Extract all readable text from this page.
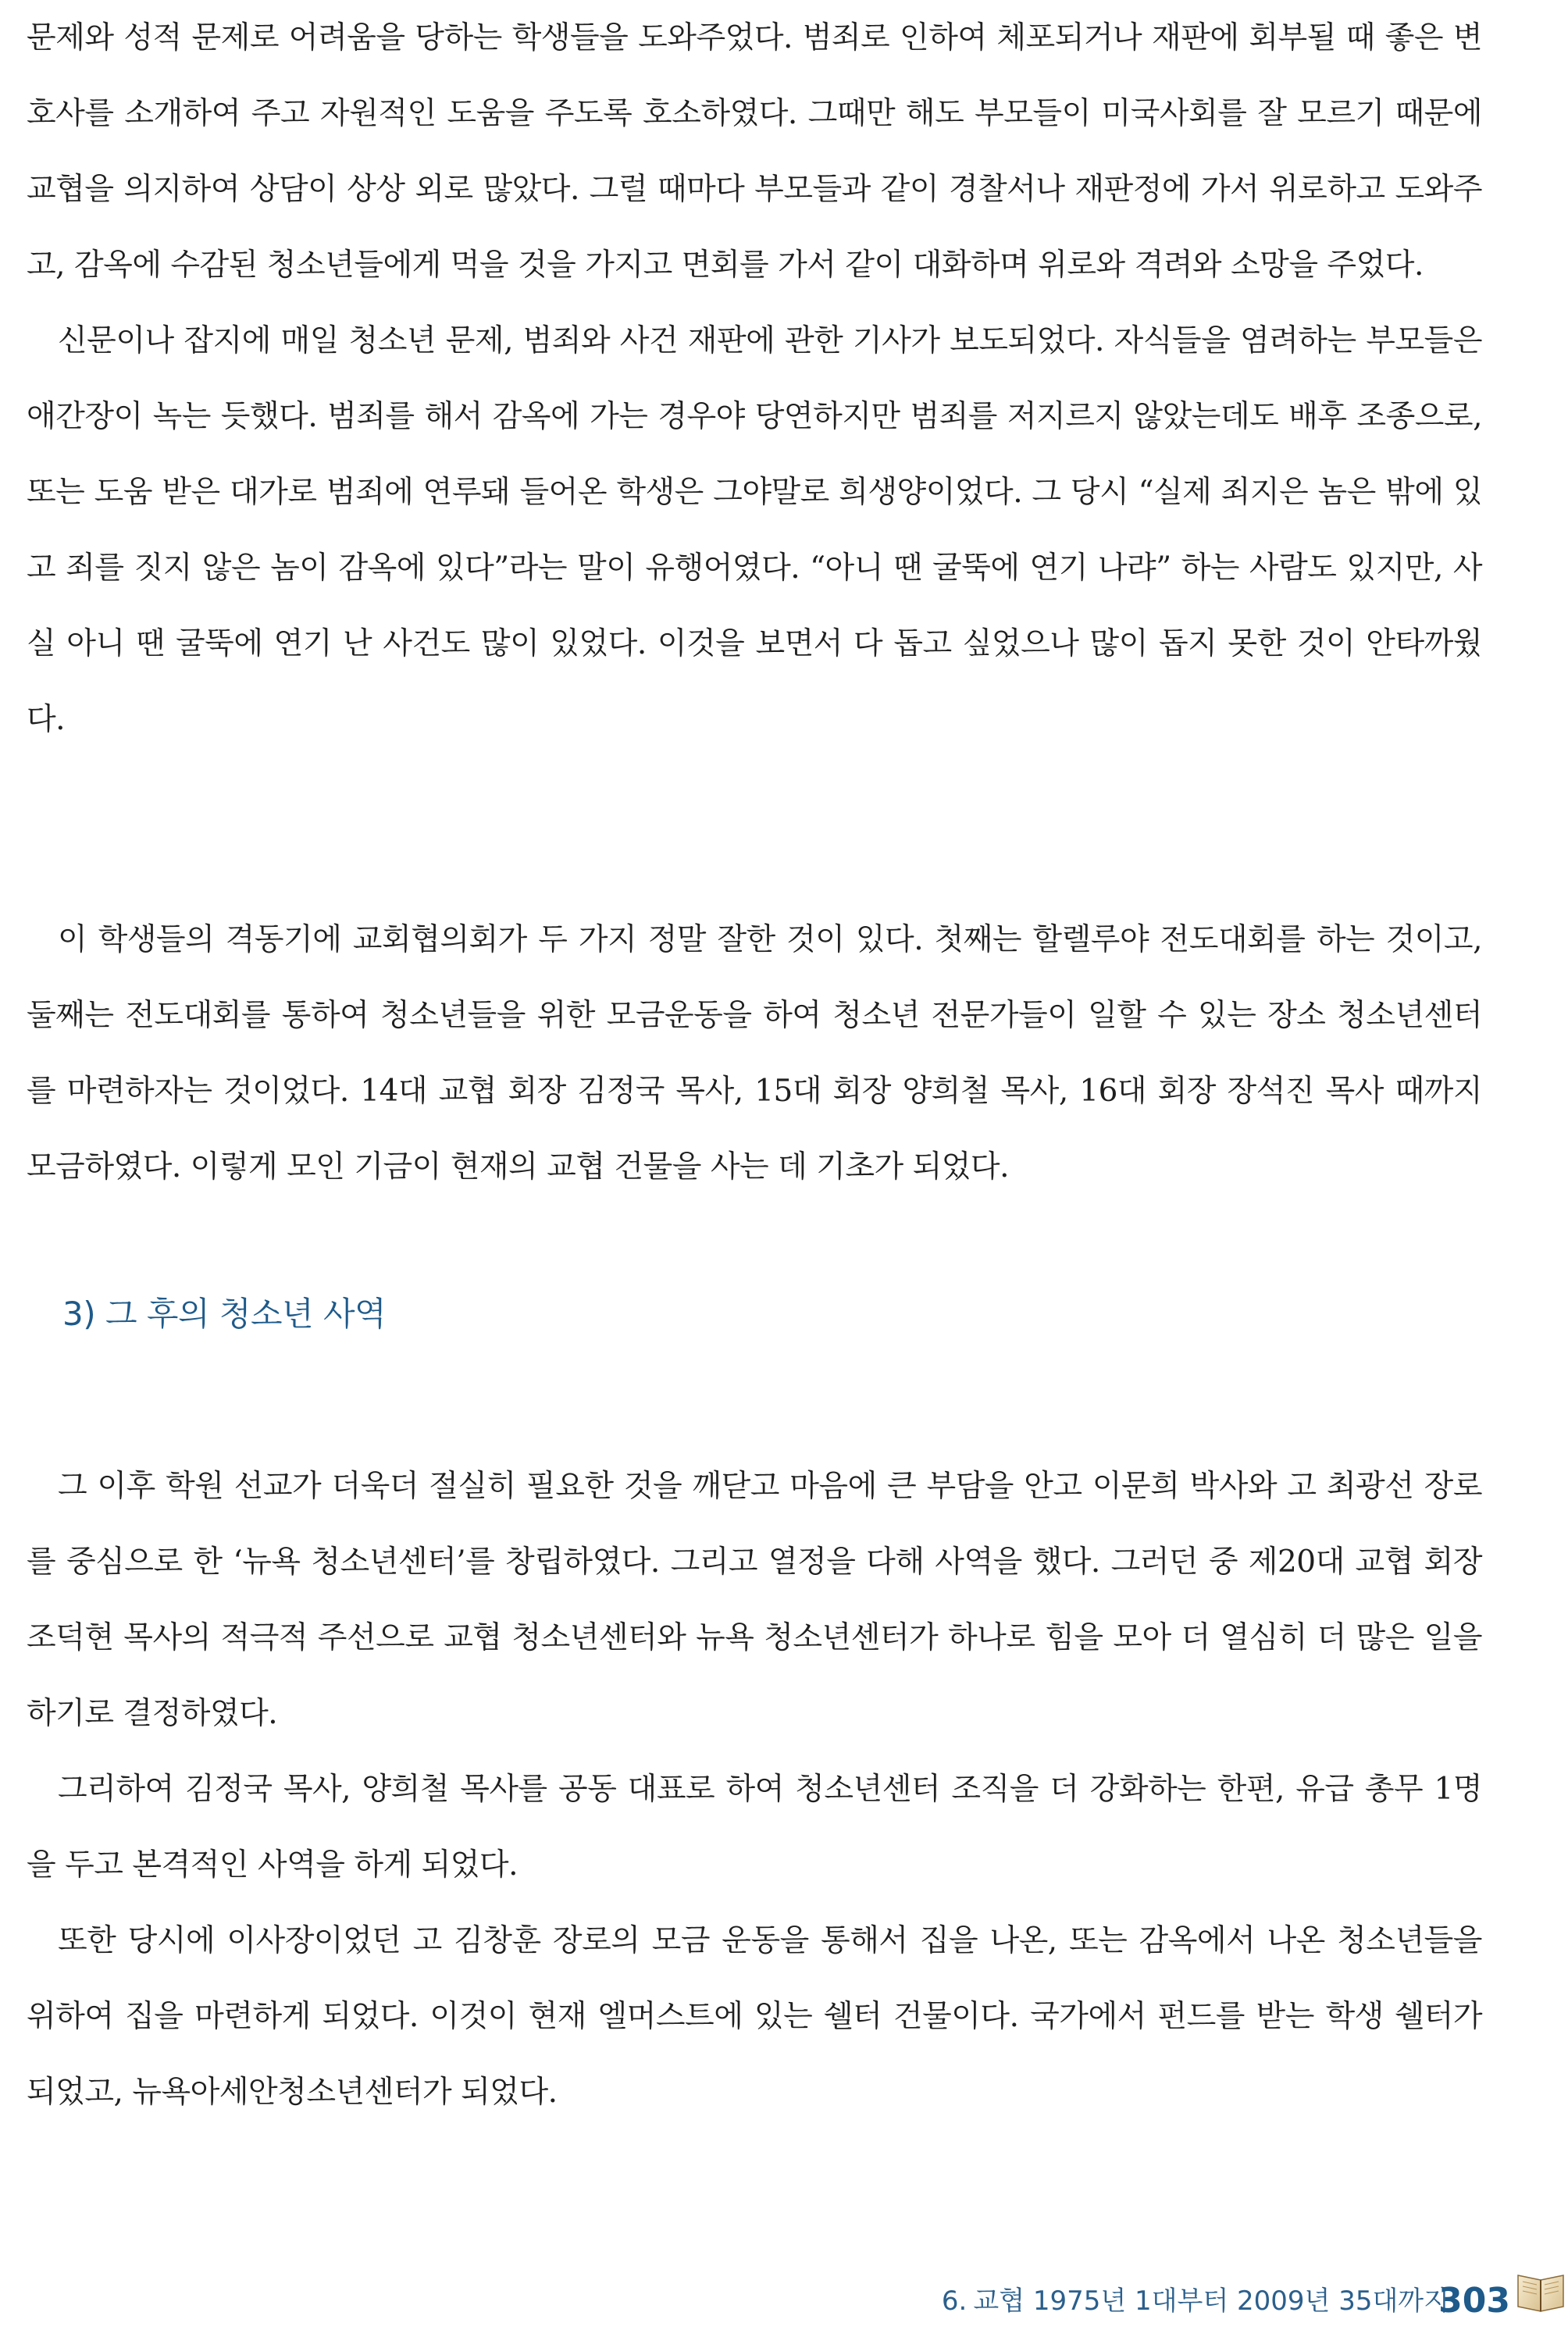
문제와 성적 문제로 어려움을 당하는 학생들을 도와주었다. 범죄로 인하여 체포되거나 재판에 회부될 때 좋은 변호사를 소개하여 주고 자원적인 도움을 주도록 호소하였다. 그때만 해도 부모들이 미국사회를 잘 모르기 때문에 교협을 의지하여 상담이 상상 외로 많았다. 그럴 때마다 부모들과 같이 경찰서나 재판정에 가서 위로하고 도와주고, 감옥에 수감된 청소년들에게 먹을 것을 가지고 면회를 가서 같이 대화하며 위로와 격려와 소망을 주었다.

신문이나 잡지에 매일 청소년 문제, 범죄와 사건 재판에 관한 기사가 보도되었다. 자식들을 염려하는 부모들은 애간장이 녹는 듯했다. 범죄를 해서 감옥에 가는 경우야 당연하지만 범죄를 저지르지 않았는데도 배후 조종으로, 또는 도움 받은 대가로 범죄에 연루돼 들어온 학생은 그야말로 희생양이었다. 그 당시 “실제 죄지은 놈은 밖에 있고 죄를 짓지 않은 놈이 감옥에 있다”라는 말이 유행어였다. “아니 땐 굴뚝에 연기 나랴” 하는 사람도 있지만, 사실 아니 땐 굴뚝에 연기 난 사건도 많이 있었다. 이것을 보면서 다 돕고 싶었으나 많이 돕지 못한 것이 안타까웠다.

이 학생들의 격동기에 교회협의회가 두 가지 정말 잘한 것이 있다. 첫째는 할렐루야 전도대회를 하는 것이고, 둘째는 전도대회를 통하여 청소년들을 위한 모금운동을 하여 청소년 전문가들이 일할 수 있는 장소 청소년센터를 마련하자는 것이었다. 14대 교협 회장 김정국 목사, 15대 회장 양희철 목사, 16대 회장 장석진 목사 때까지 모금하였다. 이렇게 모인 기금이 현재의 교협 건물을 사는 데 기초가 되었다.

3) 그 후의 청소년 사역

그 이후 학원 선교가 더욱더 절실히 필요한 것을 깨닫고 마음에 큰 부담을 안고 이문희 박사와 고 최광선 장로를 중심으로 한 ‘뉴욕 청소년센터’를 창립하였다. 그리고 열정을 다해 사역을 했다. 그러던 중 제20대 교협 회장 조덕현 목사의 적극적 주선으로 교협 청소년센터와 뉴욕 청소년센터가 하나로 힘을 모아 더 열심히 더 많은 일을 하기로 결정하였다.

그리하여 김정국 목사, 양희철 목사를 공동 대표로 하여 청소년센터 조직을 더 강화하는 한편, 유급 총무 1명을 두고 본격적인 사역을 하게 되었다.

또한 당시에 이사장이었던 고 김창훈 장로의 모금 운동을 통해서 집을 나온, 또는 감옥에서 나온 청소년들을 위하여 집을 마련하게 되었다. 이것이 현재 엘머스트에 있는 쉘터 건물이다. 국가에서 펀드를 받는 학생 쉘터가 되었고, 뉴욕아세안청소년센터가 되었다.

6. 교협 1975년 1대부터 2009년 35대까지
303
